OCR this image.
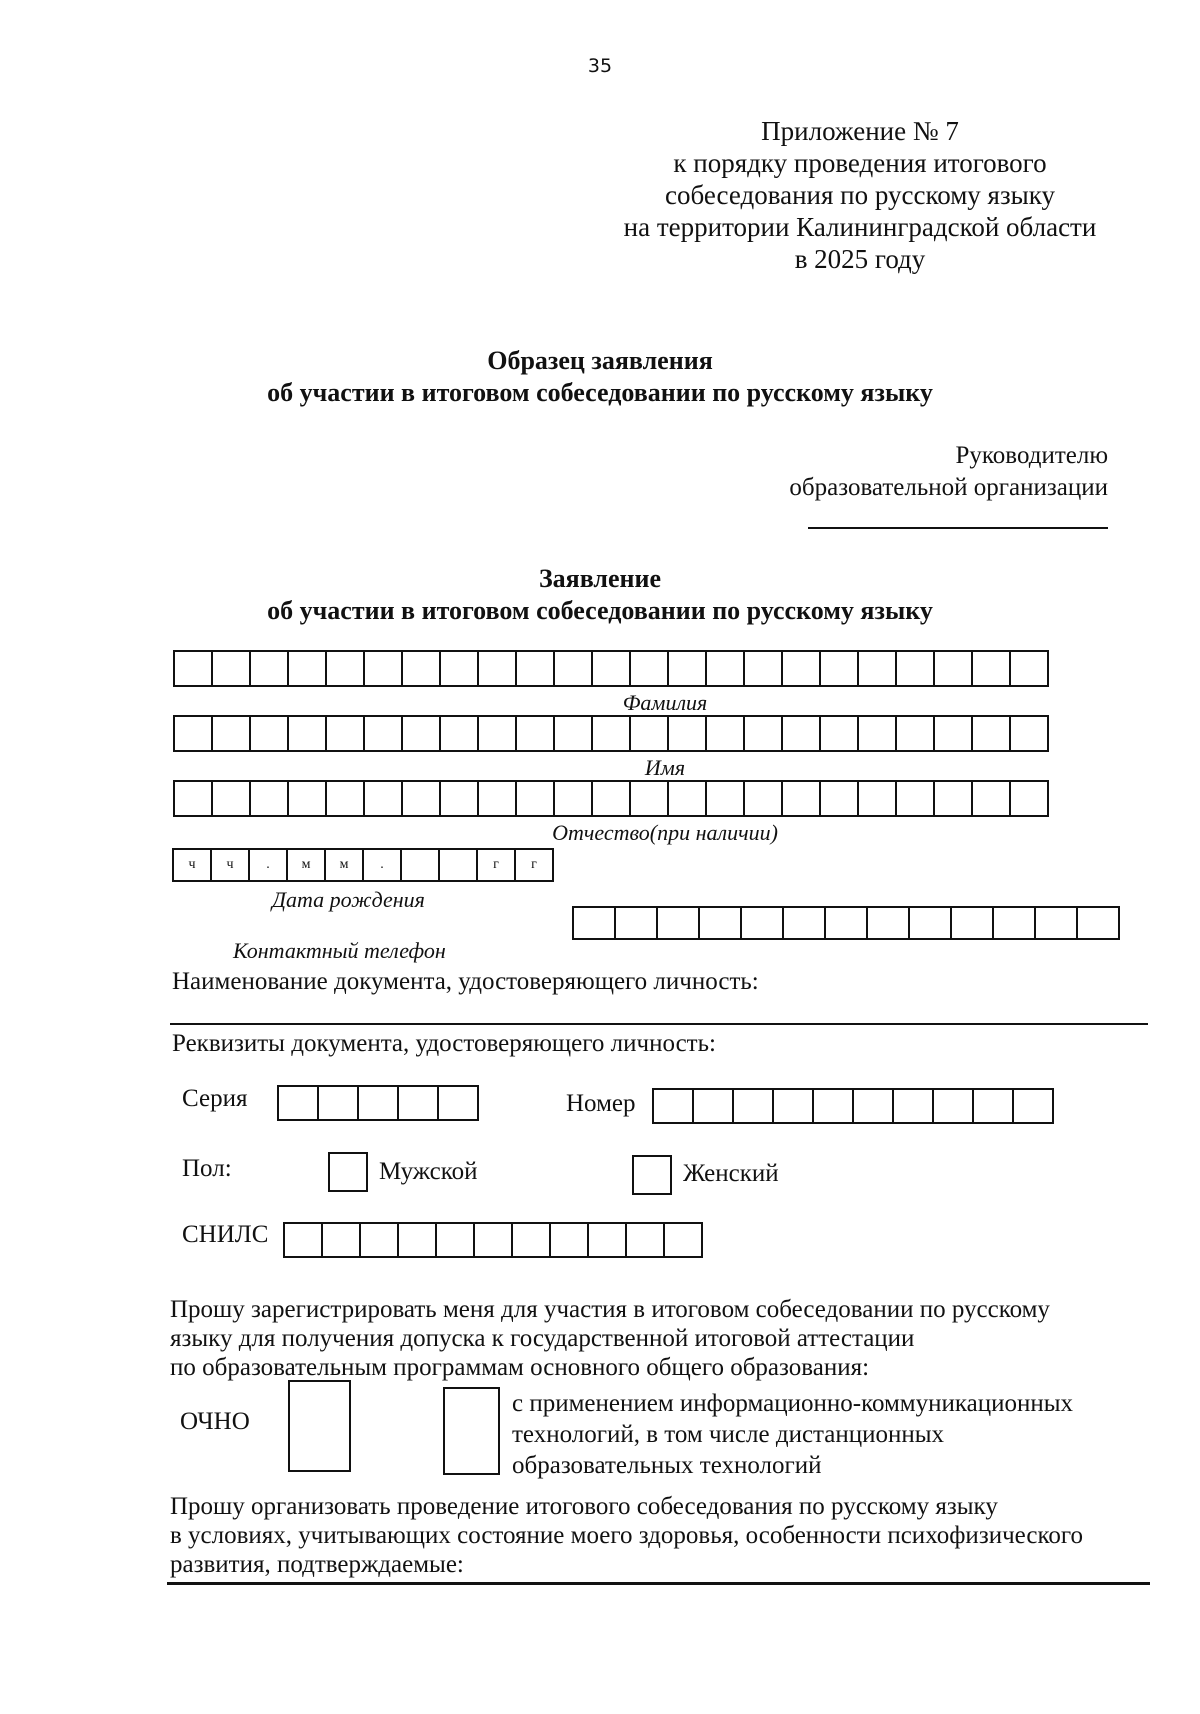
35
Приложение № 7
к порядку проведения итогового
собеседования по русскому языку
на территории Калининградской области
в 2025 году
Образец заявления
об участии в итоговом собеседовании по русскому языку
Руководителю
образовательной организации
Заявление
об участии в итоговом собеседовании по русскому языку
Фамилия
Имя
Отчество(при наличии)
ч	ч	.	м	м	.	г	г
Дата рождения
Контактный телефон
Наименование документа, удостоверяющего личность:
Реквизиты документа, удостоверяющего личность:
Серия	Номер
Пол:	Мужской	Женский
СНИЛС
Прошу зарегистрировать меня для участия в итоговом собеседовании по русскому
языку для получения допуска к государственной итоговой аттестации
по образовательным программам основного общего образования:
ОЧНО
с применением информационно-коммуникационных
технологий, в том числе дистанционных
образовательных технологий
Прошу организовать проведение итогового собеседования по русскому языку
в условиях, учитывающих состояние моего здоровья, особенности психофизического
развития, подтверждаемые:
